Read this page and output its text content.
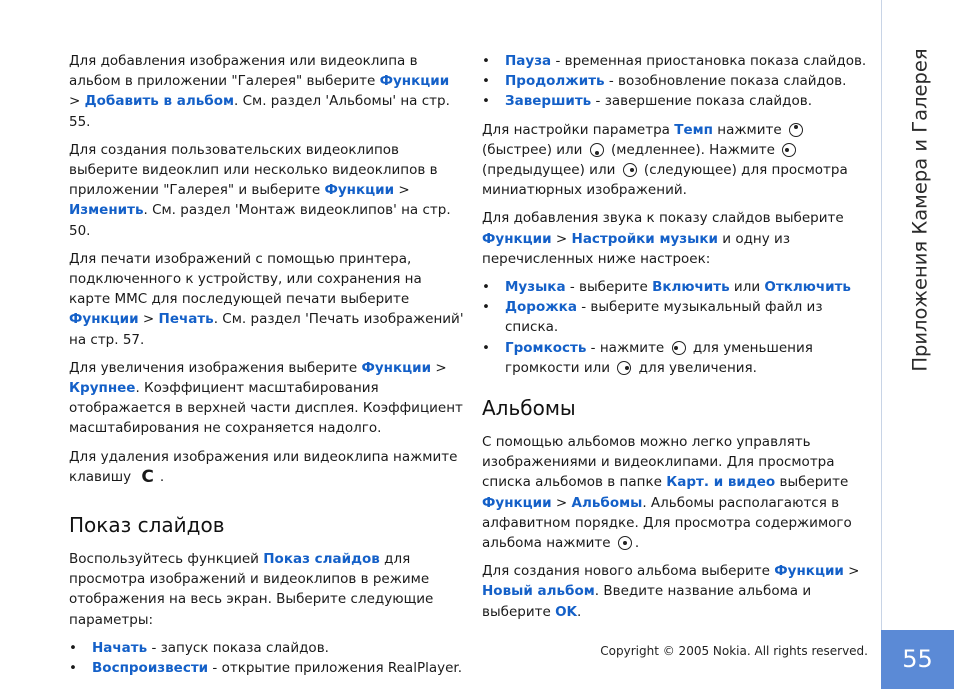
Для добавления изображения или видеоклипа в альбом в приложении "Галерея" выберите Функции > Добавить в альбом. См. раздел 'Альбомы' на стр. 55.

Для создания пользовательских видеоклипов выберите видеоклип или несколько видеоклипов в приложении "Галерея" и выберите Функции > Изменить. См. раздел 'Монтаж видеоклипов' на стр. 50.

Для печати изображений с помощью принтера, подключенного к устройству, или сохранения на карте MMC для последующей печати выберите Функции > Печать. См. раздел 'Печать изображений' на стр. 57.

Для увеличения изображения выберите Функции > Крупнее. Коэффициент масштабирования отображается в верхней части дисплея. Коэффициент масштабирования не сохраняется надолго.

Для удаления изображения или видеоклипа нажмите клавишу C .

Показ слайдов

Воспользуйтесь функцией Показ слайдов для просмотра изображений и видеоклипов в режиме отображения на весь экран. Выберите следующие параметры:

• Начать - запуск показа слайдов.
• Воспроизвести - открытие приложения RealPlayer.
• Пауза - временная приостановка показа слайдов.
• Продолжить - возобновление показа слайдов.
• Завершить - завершение показа слайдов.

Для настройки параметра Темп нажмите  (быстрее) или  (медленнее). Нажмите  (предыдущее) или  (следующее) для просмотра миниатюрных изображений.

Для добавления звука к показу слайдов выберите Функции > Настройки музыки и одну из перечисленных ниже настроек:

• Музыка - выберите Включить или Отключить
• Дорожка - выберите музыкальный файл из списка.
• Громкость - нажмите  для уменьшения громкости или  для увеличения.
Альбомы

С помощью альбомов можно легко управлять изображениями и видеоклипами. Для просмотра списка альбомов в папке Карт. и видео выберите Функции > Альбомы. Альбомы располагаются в алфавитном порядке. Для просмотра содержимого альбома нажмите .

Для создания нового альбома выберите Функции > Новый альбом. Введите название альбома и выберите OK.

Приложения Камера и Галерея
55
Copyright © 2005 Nokia. All rights reserved.
